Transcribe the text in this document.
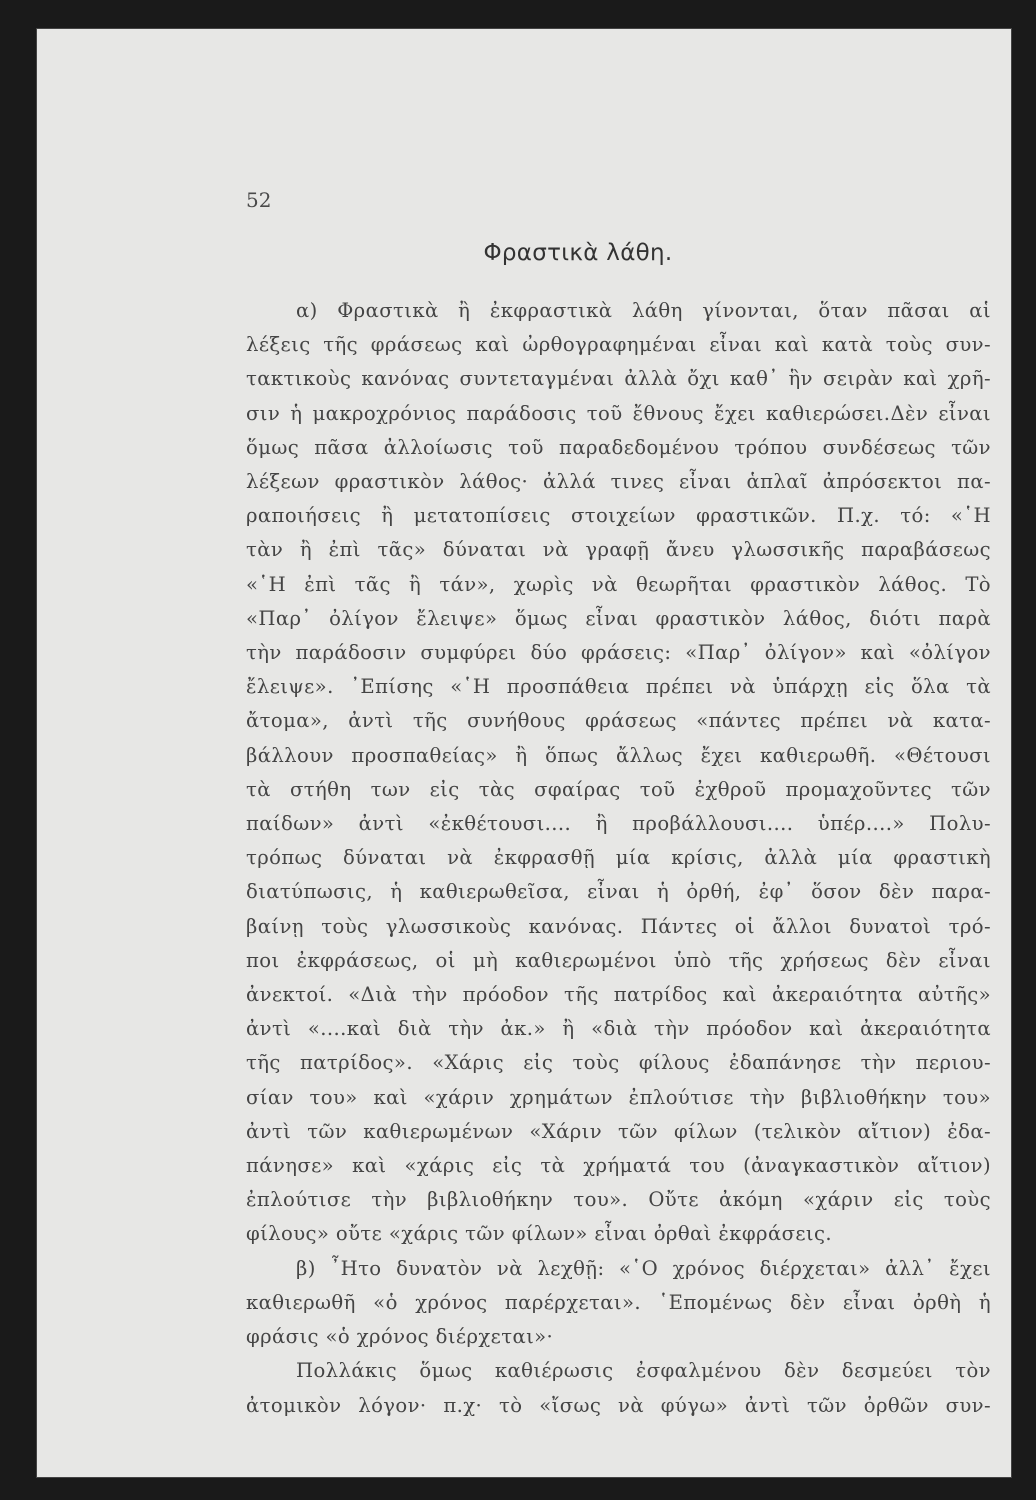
52
Φραστικὰ λάθη.
α) Φραστικὰ ἢ ἐκφραστικὰ λάθη γίνονται, ὅταν πᾶσαι αἱ
λέξεις τῆς φράσεως καὶ ὠρθογραφημέναι εἶναι καὶ κατὰ τοὺς συν-
τακτικοὺς κανόνας συντεταγμέναι ἀλλὰ ὄχι καθ᾽ ἣν σειρὰν καὶ χρῆ-
σιν ἡ μακροχρόνιος παράδοσις τοῦ ἔθνους ἔχει καθιερώσει.Δὲν εἶναι
ὅμως πᾶσα ἀλλοίωσις τοῦ παραδεδομένου τρόπου συνδέσεως τῶν
λέξεων φραστικὸν λάθος· ἀλλά τινες εἶναι ἁπλαῖ ἀπρόσεκτοι πα-
ραποιήσεις ἢ μετατοπίσεις στοιχείων φραστικῶν. Π.χ. τό: «῾Η
τὰν ἢ ἐπὶ τᾶς» δύναται νὰ γραφῇ ἄνευ γλωσσικῆς παραβάσεως
«῾Η ἐπὶ τᾶς ἢ τάν», χωρὶς νὰ θεωρῆται φραστικὸν λάθος. Τὸ
«Παρ᾽ ὀλίγον ἔλειψε» ὅμως εἶναι φραστικὸν λάθος, διότι παρὰ
τὴν παράδοσιν συμφύρει δύο φράσεις: «Παρ᾽ ὀλίγον» καὶ «ὀλίγον
ἔλειψε». ᾽Επίσης «῾Η προσπάθεια πρέπει νὰ ὑπάρχῃ εἰς ὅλα τὰ
ἄτομα», ἀντὶ τῆς συνήθους φράσεως «πάντες πρέπει νὰ κατα-
βάλλουν προσπαθείας» ἢ ὅπως ἄλλως ἔχει καθιερωθῆ. «Θέτουσι
τὰ στήθη των εἰς τὰς σφαίρας τοῦ ἐχθροῦ προμαχοῦντες τῶν
παίδων» ἀντὶ «ἐκθέτουσι.... ἢ προβάλλουσι.... ὑπέρ....» Πολυ-
τρόπως δύναται νὰ ἐκφρασθῇ μία κρίσις, ἀλλὰ μία φραστικὴ
διατύπωσις, ἡ καθιερωθεῖσα, εἶναι ἡ ὀρθή, ἐφ᾽ ὅσον δὲν παρα-
βαίνῃ τοὺς γλωσσικοὺς κανόνας. Πάντες οἱ ἄλλοι δυνατοὶ τρό-
ποι ἐκφράσεως, οἱ μὴ καθιερωμένοι ὑπὸ τῆς χρήσεως δὲν εἶναι
ἀνεκτοί. «Διὰ τὴν πρόοδον τῆς πατρίδος καὶ ἀκεραιότητα αὐτῆς»
ἀντὶ «....καὶ διὰ τὴν ἀκ.» ἢ «διὰ τὴν πρόοδον καὶ ἀκεραιότητα
τῆς πατρίδος». «Χάρις εἰς τοὺς φίλους ἐδαπάνησε τὴν περιου-
σίαν του» καὶ «χάριν χρημάτων ἐπλούτισε τὴν βιβλιοθήκην του»
ἀντὶ τῶν καθιερωμένων «Χάριν τῶν φίλων (τελικὸν αἴτιον) ἐδα-
πάνησε» καὶ «χάρις εἰς τὰ χρήματά του (ἀναγκαστικὸν αἴτιον)
ἐπλούτισε τὴν βιβλιοθήκην του». Οὔτε ἀκόμη «χάριν εἰς τοὺς
φίλους» οὔτε «χάρις τῶν φίλων» εἶναι ὀρθαὶ ἐκφράσεις.
β) ῏Ητο δυνατὸν νὰ λεχθῇ: «῾Ο χρόνος διέρχεται» ἀλλ᾽ ἔχει
καθιερωθῆ «ὁ χρόνος παρέρχεται». ῾Επομένως δὲν εἶναι ὀρθὴ ἡ
φράσις «ὁ χρόνος διέρχεται»·
Πολλάκις ὅμως καθιέρωσις ἐσφαλμένου δὲν δεσμεύει τὸν
ἀτομικὸν λόγον· π.χ· τὸ «ἴσως νὰ φύγω» ἀντὶ τῶν ὀρθῶν συν-
